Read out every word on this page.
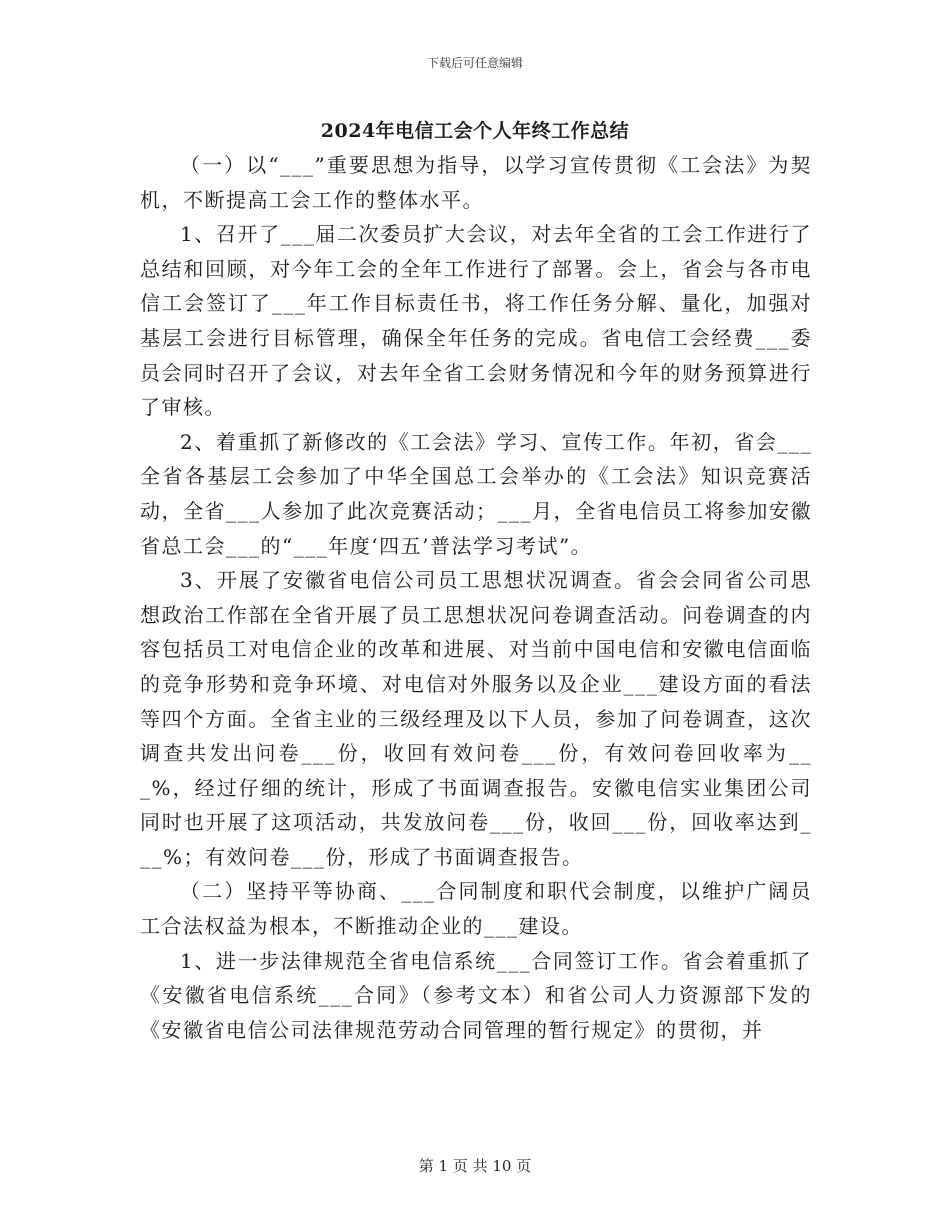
下载后可任意编辑
2024年电信工会个人年终工作总结

（一）以“___”重要思想为指导，以学习宣传贯彻《工会法》为契机，不断提高工会工作的整体水平。

1、召开了___届二次委员扩大会议，对去年全省的工会工作进行了总结和回顾，对今年工会的全年工作进行了部署。会上，省会与各市电信工会签订了___年工作目标责任书，将工作任务分解、量化，加强对基层工会进行目标管理，确保全年任务的完成。省电信工会经费___委员会同时召开了会议，对去年全省工会财务情况和今年的财务预算进行了审核。

2、着重抓了新修改的《工会法》学习、宣传工作。年初，省会___全省各基层工会参加了中华全国总工会举办的《工会法》知识竞赛活动，全省___人参加了此次竞赛活动；___月，全省电信员工将参加安徽省总工会___的“___年度‘四五’普法学习考试”。

3、开展了安徽省电信公司员工思想状况调查。省会会同省公司思想政治工作部在全省开展了员工思想状况问卷调查活动。问卷调查的内容包括员工对电信企业的改革和进展、对当前中国电信和安徽电信面临的竞争形势和竞争环境、对电信对外服务以及企业___建设方面的看法等四个方面。全省主业的三级经理及以下人员，参加了问卷调查，这次调查共发出问卷___份，收回有效问卷___份，有效问卷回收率为___%，经过仔细的统计，形成了书面调查报告。安徽电信实业集团公司同时也开展了这项活动，共发放问卷___份，收回___份，回收率达到___%；有效问卷___份，形成了书面调查报告。

（二）坚持平等协商、___合同制度和职代会制度，以维护广阔员工合法权益为根本，不断推动企业的___建设。

1、进一步法律规范全省电信系统___合同签订工作。省会着重抓了《安徽省电信系统___合同》（参考文本）和省公司人力资源部下发的《安徽省电信公司法律规范劳动合同管理的暂行规定》的贯彻，并

第 1 页 共 10 页
